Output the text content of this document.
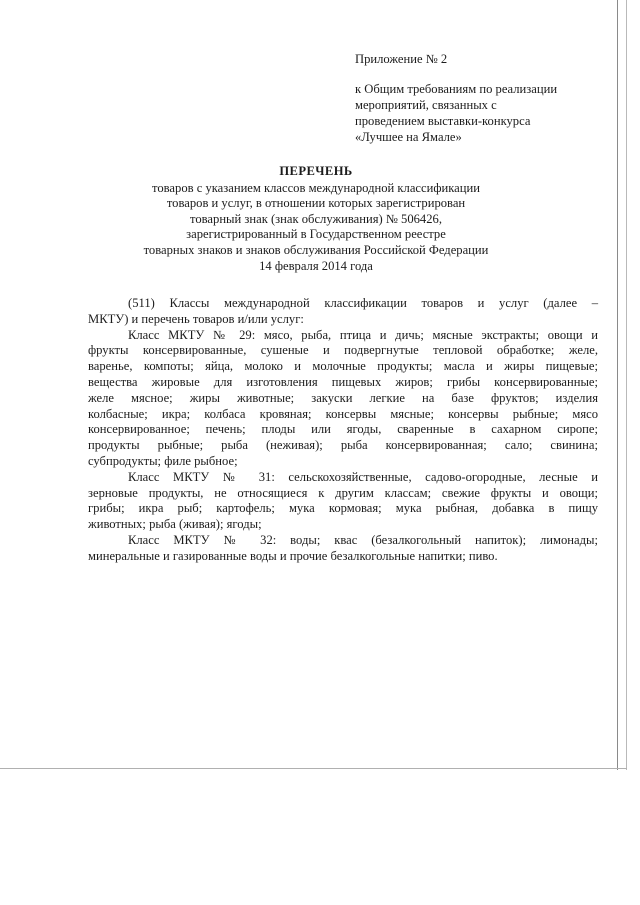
Приложение № 2
к Общим требованиям по реализации
мероприятий, связанных с
проведением выставки-конкурса
«Лучшее на Ямале»
ПЕРЕЧЕНЬ
товаров с указанием классов международной классификации
товаров и услуг, в отношении которых зарегистрирован
товарный знак (знак обслуживания) № 506426,
зарегистрированный в Государственном реестре
товарных знаков и знаков обслуживания Российской Федерации
14 февраля 2014 года
(511) Классы международной классификации товаров и услуг (далее –
МКТУ) и перечень товаров и/или услуг:
Класс МКТУ № 29: мясо, рыба, птица и дичь; мясные экстракты; овощи и
фрукты консервированные, сушеные и подвергнутые тепловой обработке; желе,
варенье, компоты; яйца, молоко и молочные продукты; масла и жиры пищевые;
вещества жировые для изготовления пищевых жиров; грибы консервированные;
желе мясное; жиры животные; закуски легкие на базе фруктов; изделия
колбасные; икра; колбаса кровяная; консервы мясные; консервы рыбные; мясо
консервированное; печень; плоды или ягоды, сваренные в сахарном сиропе;
продукты рыбные; рыба (неживая); рыба консервированная; сало; свинина;
субпродукты; филе рыбное;
Класс МКТУ № 31: сельскохозяйственные, садово-огородные, лесные и
зерновые продукты, не относящиеся к другим классам; свежие фрукты и овощи;
грибы; икра рыб; картофель; мука кормовая; мука рыбная, добавка в пищу
животных; рыба (живая); ягоды;
Класс МКТУ № 32: воды; квас (безалкогольный напиток); лимонады;
минеральные и газированные воды и прочие безалкогольные напитки; пиво.
